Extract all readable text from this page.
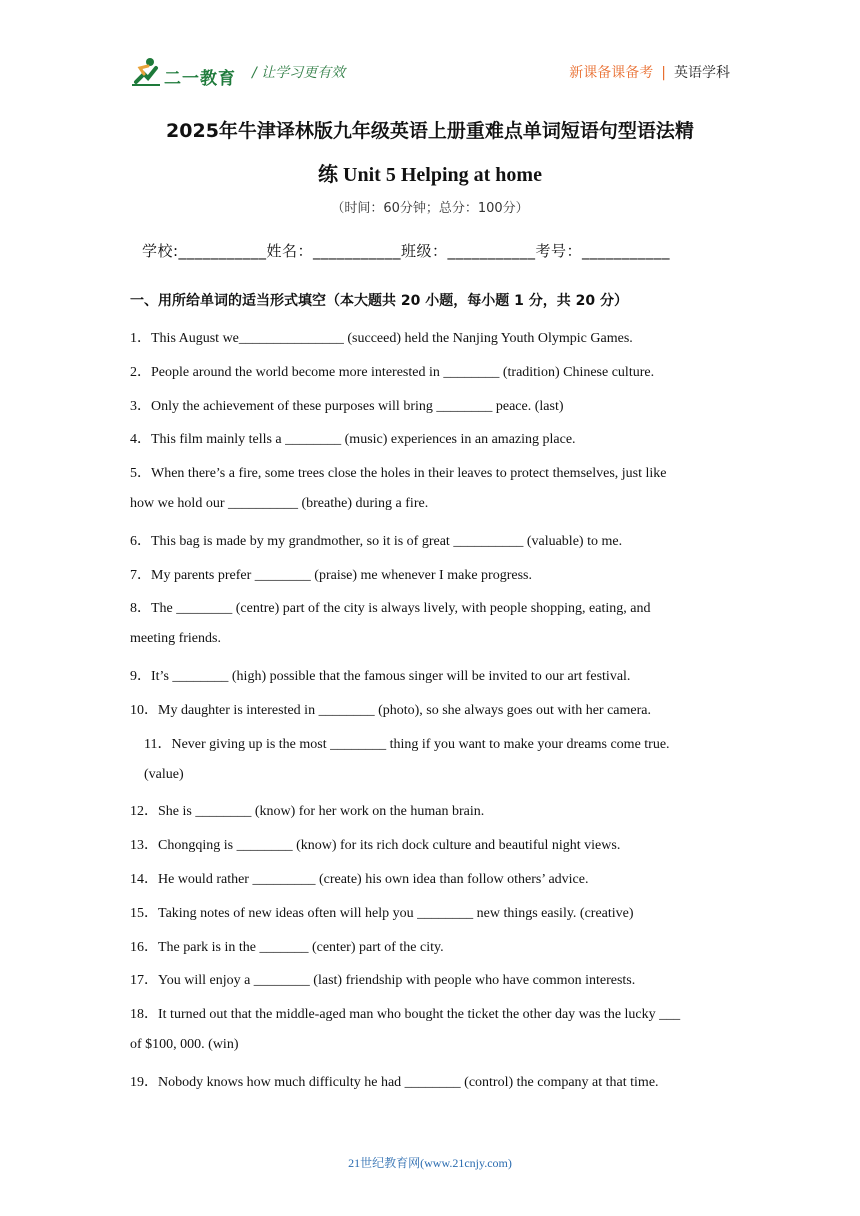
二一教育 / 让学习更有效	新课备课备考 | 英语学科
2025年牛津译林版九年级英语上册重难点单词短语句型语法精
练 Unit 5 Helping at home
（时间：60分钟；总分：100分）
学校:___________姓名：___________班级：___________考号：___________
一、用所给单词的适当形式填空（本大题共 20 小题，每小题 1 分，共 20 分）
1．This August we_______________ (succeed) held the Nanjing Youth Olympic Games.
2．People around the world become more interested in ________ (tradition) Chinese culture.
3．Only the achievement of these purposes will bring ________ peace. (last)
4．This film mainly tells a ________ (music) experiences in an amazing place.
5．When there’s a fire, some trees close the holes in their leaves to protect themselves, just like
how we hold our __________ (breathe) during a fire.
6．This bag is made by my grandmother, so it is of great __________ (valuable) to me.
7．My parents prefer ________ (praise) me whenever I make progress.
8．The ________ (centre) part of the city is always lively, with people shopping, eating, and
meeting friends.
9．It’s ________ (high) possible that the famous singer will be invited to our art festival.
10．My daughter is interested in ________ (photo), so she always goes out with her camera.
11．Never giving up is the most ________ thing if you want to make your dreams come true.
(value)
12．She is ________ (know) for her work on the human brain.
13．Chongqing is ________ (know) for its rich dock culture and beautiful night views.
14．He would rather _________ (create) his own idea than follow others’ advice.
15．Taking notes of new ideas often will help you ________ new things easily. (creative)
16．The park is in the _______ (center) part of the city.
17．You will enjoy a ________ (last) friendship with people who have common interests.
18．It turned out that the middle-aged man who bought the ticket the other day was the lucky ___
of $100, 000. (win)
19．Nobody knows how much difficulty he had ________ (control) the company at that time.
21世纪教育网(www.21cnjy.com)
